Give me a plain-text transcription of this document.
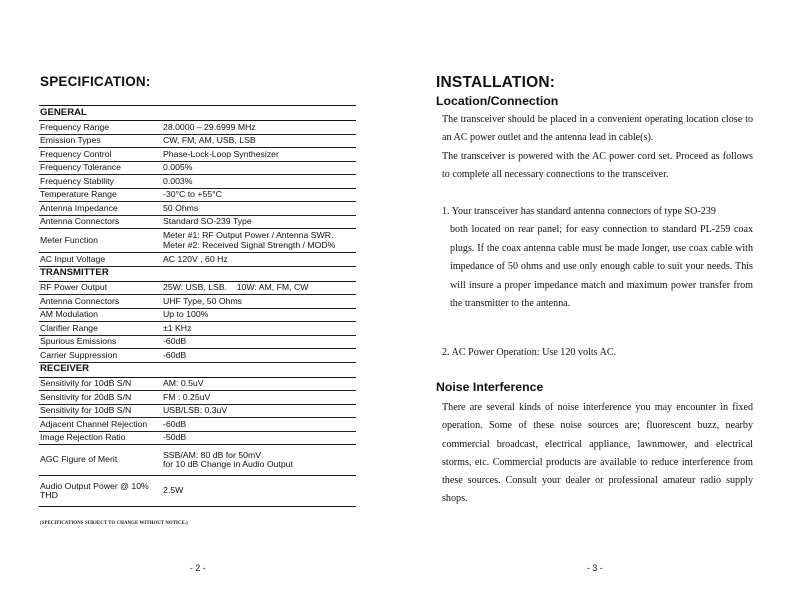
SPECIFICATION:
GENERAL	
Frequency Range	28.0000 – 29.6999 MHz
Emission Types	CW, FM, AM, USB, LSB
Frequency Control	Phase-Lock-Loop Synthesizer
Frequency Tolerance	0.005%
Frequency Stability	0.003%
Temperature Range	-30°C to +55°C
Antenna Impedance	50 Ohms
Antenna Connectors	Standard SO-239 Type
Meter Function	Meter #1: RF Output Power / Antenna SWR.
Meter #2: Received Signal Strength / MOD%

AC Input Voltage	AC 120V , 60 Hz
TRANSMITTER	
RF Power Output	25W: USB, LSB.    10W: AM, FM, CW
Antenna Connectors	UHF Type, 50 Ohms
AM Modulation	Up to 100%
Clarifier Range	±1 KHz
Spurious Emissions	-60dB
Carrier Suppression	-60dB
RECEIVER	
Sensitivity for 10dB S/N	AM: 0.5uV
Sensitivity for 20dB S/N	FM : 0.25uV
Sensitivity for 10dB S/N	USB/LSB: 0.3uV
Adjacent Channel Rejection	-60dB
Image Rejection Ratio	-50dB
AGC Figure of Merit	SSB/AM: 80 dB for 50mV
for 10 dB Change in Audio Output

Audio Output Power @ 10% THD	2.5W
(SPECIFICATIONS SUBJECT TO CHANGE WITHOUT NOTICE.)
- 2 -
INSTALLATION:
Location/Connection
The transceiver should be placed in a convenient operating location close to an AC power outlet and the antenna lead in cable(s).
The transceiver is powered with the AC power cord set. Proceed as follows to complete all necessary connections to the transceiver.
1. Your transceiver has standard antenna connectors of type SO-239
both located on rear panel; for easy connection to standard PL-259 coax plugs. If the coax antenna cable must be made longer, use coax cable with impedance of 50 ohms and use only enough cable to suit your needs. This will insure a proper impedance match and maximum power transfer from the transmitter to the antenna.
2. AC Power Operation: Use 120 volts AC.
Noise Interference
There are several kinds of noise interference you may encounter in fixed operation. Some of these noise sources are; fluorescent buzz, nearby commercial broadcast, electrical appliance, lawnmower, and electrical storms, etc. Commercial products are available to reduce interference from these sources. Consult your dealer or professional amateur radio supply shops.
- 3 -
